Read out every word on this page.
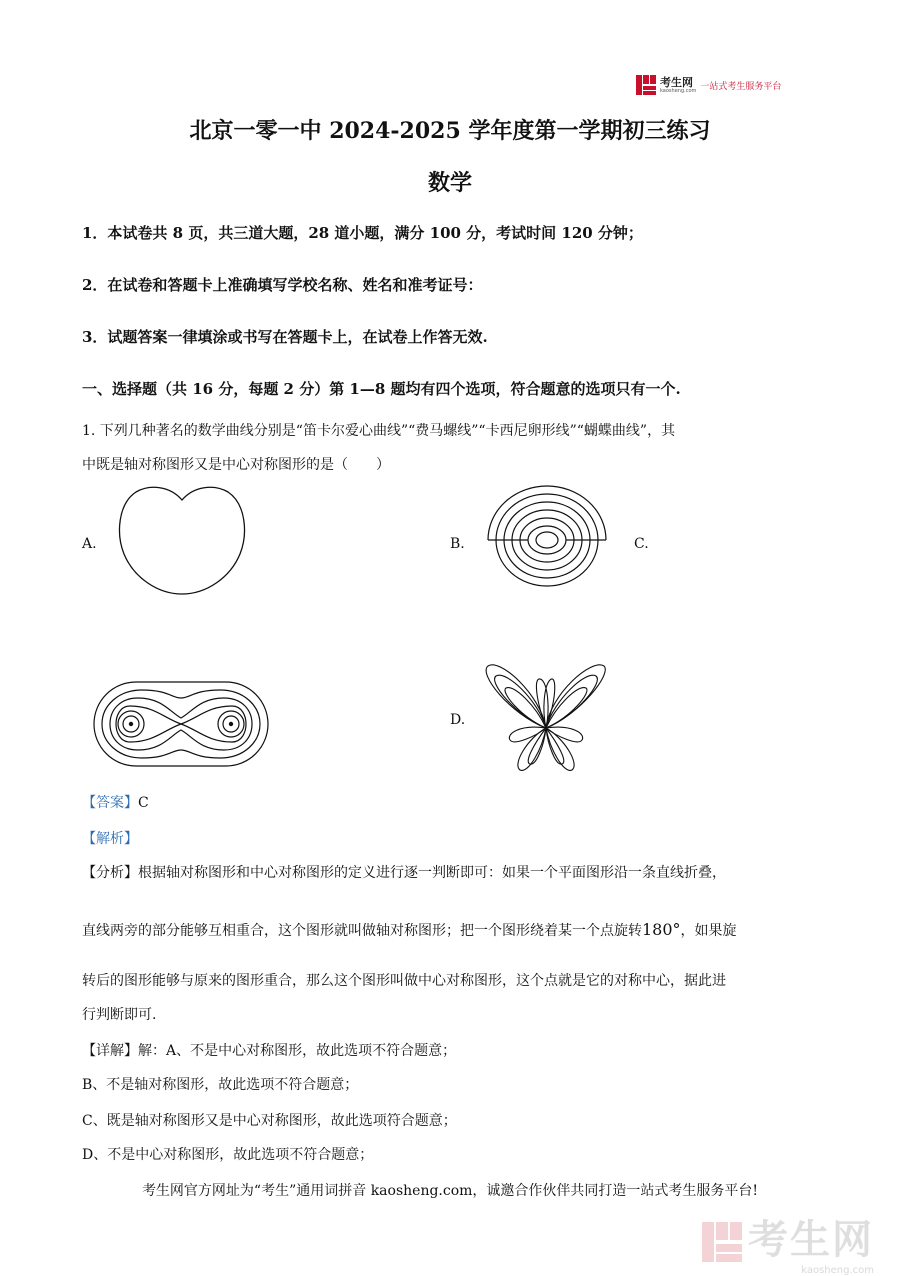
考生网
kaosheng.com 一站式考生服务平台
北京一零一中 2024-2025 学年度第一学期初三练习
数学
1．本试卷共 8 页，共三道大题，28 道小题，满分 100 分，考试时间 120 分钟；
2．在试卷和答题卡上准确填写学校名称、姓名和准考证号：
3．试题答案一律填涂或书写在答题卡上，在试卷上作答无效.
一、选择题（共 16 分，每题 2 分）第 1—8 题均有四个选项，符合题意的选项只有一个.
1. 下列几种著名的数学曲线分别是“笛卡尔爱心曲线”“费马螺线”“卡西尼卵形线”“蝴蝶曲线”，其
中既是轴对称图形又是中心对称图形的是（　　）
A.	B.	C.
D.
【答案】C
【解析】
【分析】根据轴对称图形和中心对称图形的定义进行逐一判断即可：如果一个平面图形沿一条直线折叠，
直线两旁的部分能够互相重合，这个图形就叫做轴对称图形；把一个图形绕着某一个点旋转180°，如果旋
转后的图形能够与原来的图形重合，那么这个图形叫做中心对称图形，这个点就是它的对称中心，据此进
行判断即可.
【详解】解：A、不是中心对称图形，故此选项不符合题意；
B、不是轴对称图形，故此选项不符合题意；
C、既是轴对称图形又是中心对称图形，故此选项符合题意；
D、不是中心对称图形，故此选项不符合题意；
考生网官方网址为“考生”通用词拼音 kaosheng.com，诚邀合作伙伴共同打造一站式考生服务平台!
考生网
kaosheng.com
